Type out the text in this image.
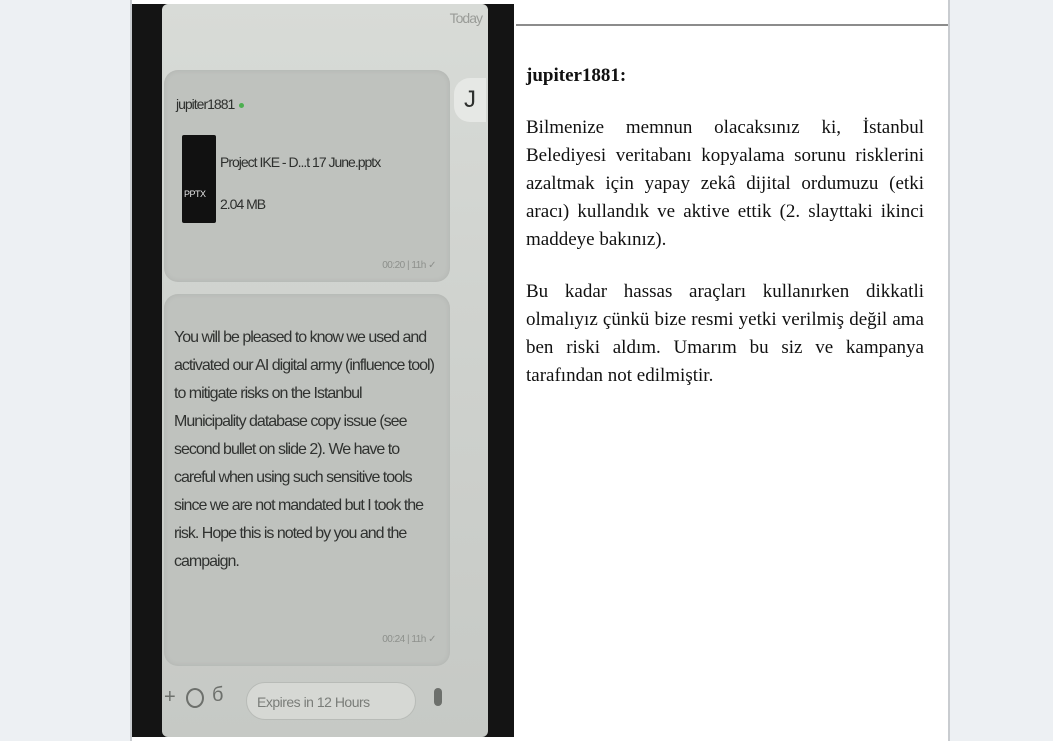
Today
jupiter1881
PPTX
Project IKE - D...t 17 June.pptx
2.04 MB
00:20 | 11h ✓
J
You will be pleased to know we used and activated our AI digital army (influence tool) to mitigate risks on the Istanbul Municipality database copy issue (see second bullet on slide 2). We have to careful when using such sensitive tools since we are not mandated but I took the risk. Hope this is noted by you and the campaign.
00:24 | 11h ✓
+ б	Expires in 12 Hours
jupiter1881:

Bilmenize memnun olacaksınız ki, İstanbul Belediyesi veritabanı kopyalama sorunu risklerini azaltmak için yapay zekâ dijital ordumuzu (etki aracı) kullandık ve aktive ettik (2. slayttaki ikinci maddeye bakınız).

Bu kadar hassas araçları kullanırken dikkatli olmalıyız çünkü bize resmi yetki verilmiş değil ama ben riski aldım. Umarım bu siz ve kampanya tarafından not edilmiştir.
